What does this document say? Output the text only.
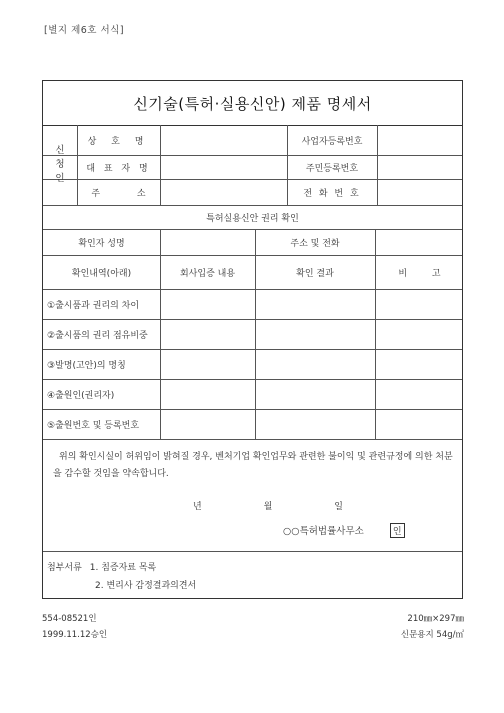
[별지 제6호 서식]
신기술(특허·실용신안) 제품 명세서
신
청
인
상 호 명	사업자등록번호
대 표 자 명	주민등록번호
주 소	전 화 번 호
특허실용신안 권리 확인
확인자 성명	주소 및 전화
확인내역(아래)	회사입증 내용	확인 결과	비 고
①출시품과 권리의 차이
②출시품의 권리 점유비중
③발명(고안)의 명칭
④출원인(권리자)
⑤출원번호 및 등록번호
위의 확인시실이 허위임이 밝혀질 경우, 벤처기업 확인업무와 관련한 불이익 및 관련규정에 의한 처분을 감수할 것임을 약속합니다.
년	월	일
○○특허법률사무소	인
첨부서류 1. 침증자료 목록
2. 변리사 감정결과의견서
554-08521인
1999.11.12승인
210㎜×297㎜
신문용지 54g/㎡
